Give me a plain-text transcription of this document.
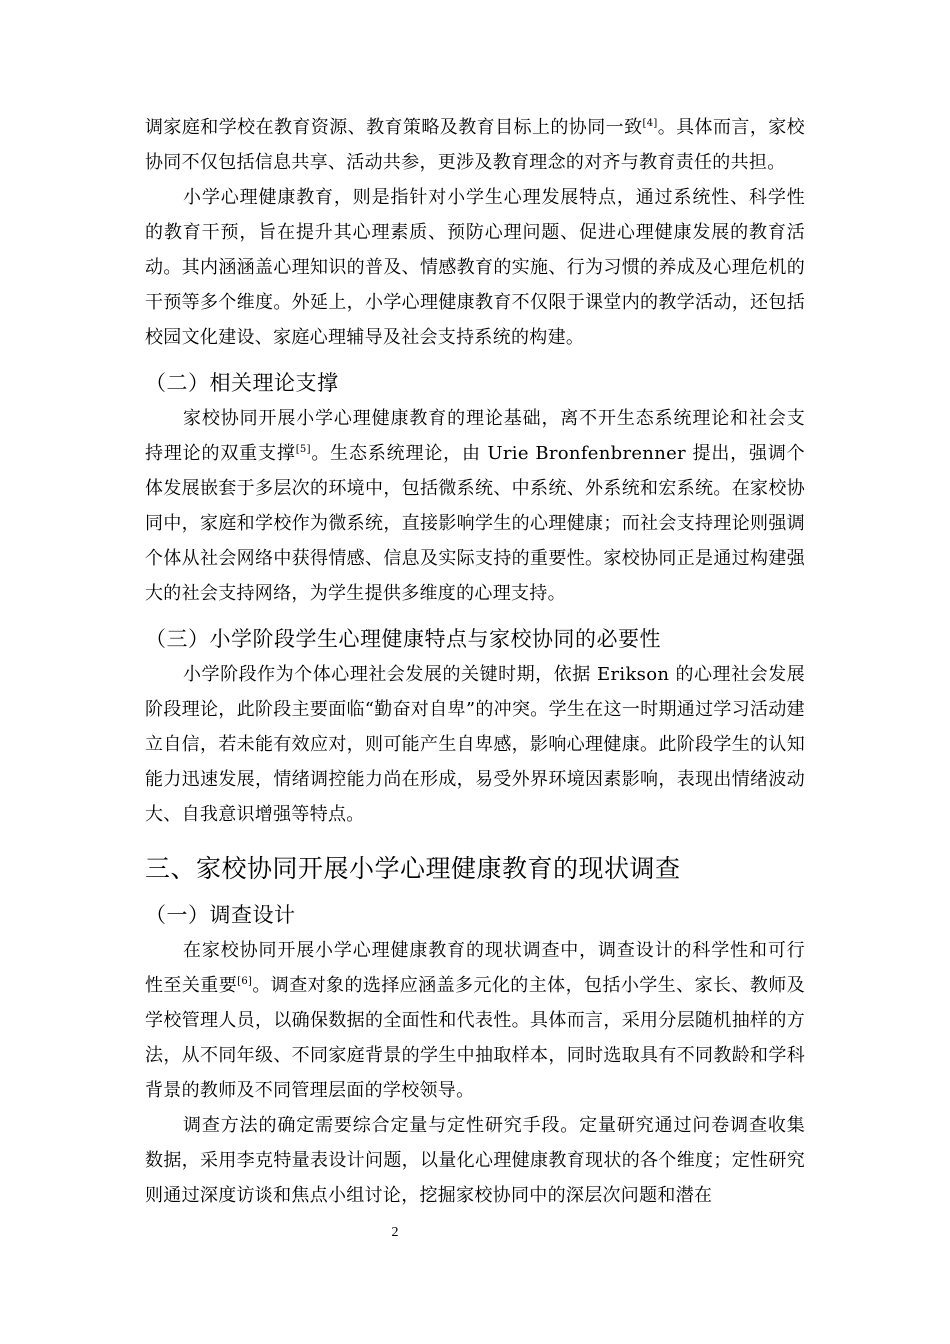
调家庭和学校在教育资源、教育策略及教育目标上的协同一致[4]。具体而言，家校协同不仅包括信息共享、活动共参，更涉及教育理念的对齐与教育责任的共担。

小学心理健康教育，则是指针对小学生心理发展特点，通过系统性、科学性的教育干预，旨在提升其心理素质、预防心理问题、促进心理健康发展的教育活动。其内涵涵盖心理知识的普及、情感教育的实施、行为习惯的养成及心理危机的干预等多个维度。外延上，小学心理健康教育不仅限于课堂内的教学活动，还包括校园文化建设、家庭心理辅导及社会支持系统的构建。

（二）相关理论支撑

家校协同开展小学心理健康教育的理论基础，离不开生态系统理论和社会支持理论的双重支撑[5]。生态系统理论，由 Urie Bronfenbrenner 提出，强调个体发展嵌套于多层次的环境中，包括微系统、中系统、外系统和宏系统。在家校协同中，家庭和学校作为微系统，直接影响学生的心理健康；而社会支持理论则强调个体从社会网络中获得情感、信息及实际支持的重要性。家校协同正是通过构建强大的社会支持网络，为学生提供多维度的心理支持。

（三）小学阶段学生心理健康特点与家校协同的必要性

小学阶段作为个体心理社会发展的关键时期，依据 Erikson 的心理社会发展阶段理论，此阶段主要面临“勤奋对自卑”的冲突。学生在这一时期通过学习活动建立自信，若未能有效应对，则可能产生自卑感，影响心理健康。此阶段学生的认知能力迅速发展，情绪调控能力尚在形成，易受外界环境因素影响，表现出情绪波动大、自我意识增强等特点。

三、家校协同开展小学心理健康教育的现状调查
（一）调查设计

在家校协同开展小学心理健康教育的现状调查中，调查设计的科学性和可行性至关重要[6]。调查对象的选择应涵盖多元化的主体，包括小学生、家长、教师及学校管理人员，以确保数据的全面性和代表性。具体而言，采用分层随机抽样的方法，从不同年级、不同家庭背景的学生中抽取样本，同时选取具有不同教龄和学科背景的教师及不同管理层面的学校领导。

调查方法的确定需要综合定量与定性研究手段。定量研究通过问卷调查收集数据，采用李克特量表设计问题，以量化心理健康教育现状的各个维度；定性研究则通过深度访谈和焦点小组讨论，挖掘家校协同中的深层次问题和潜在

2
